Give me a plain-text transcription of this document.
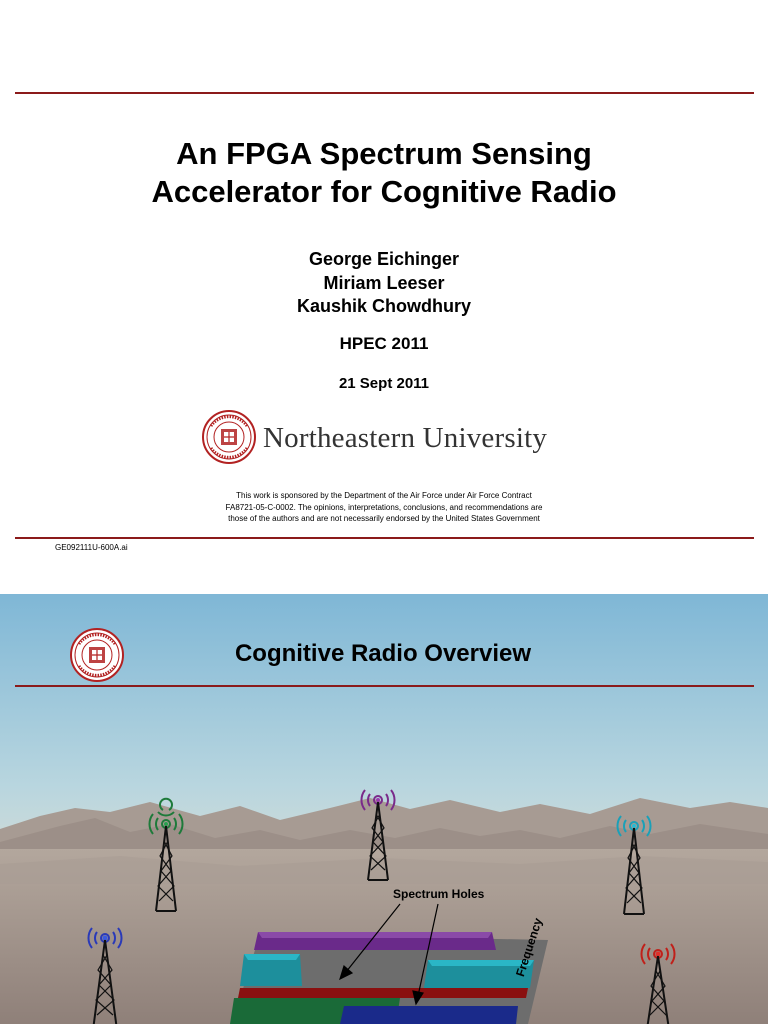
An FPGA Spectrum Sensing
Accelerator for Cognitive Radio
George Eichinger
Miriam Leeser
Kaushik Chowdhury
HPEC 2011
21 Sept 2011
Northeastern University
This work is sponsored by the Department of the Air Force under Air Force Contract
FA8721-05-C-0002. The opinions, interpretations, conclusions, and recommendations are
those of the authors and are not necessarily endorsed by the United States Government
GE092111U-600A.ai
Cognitive Radio Overview
Spectrum Holes
Frequency
